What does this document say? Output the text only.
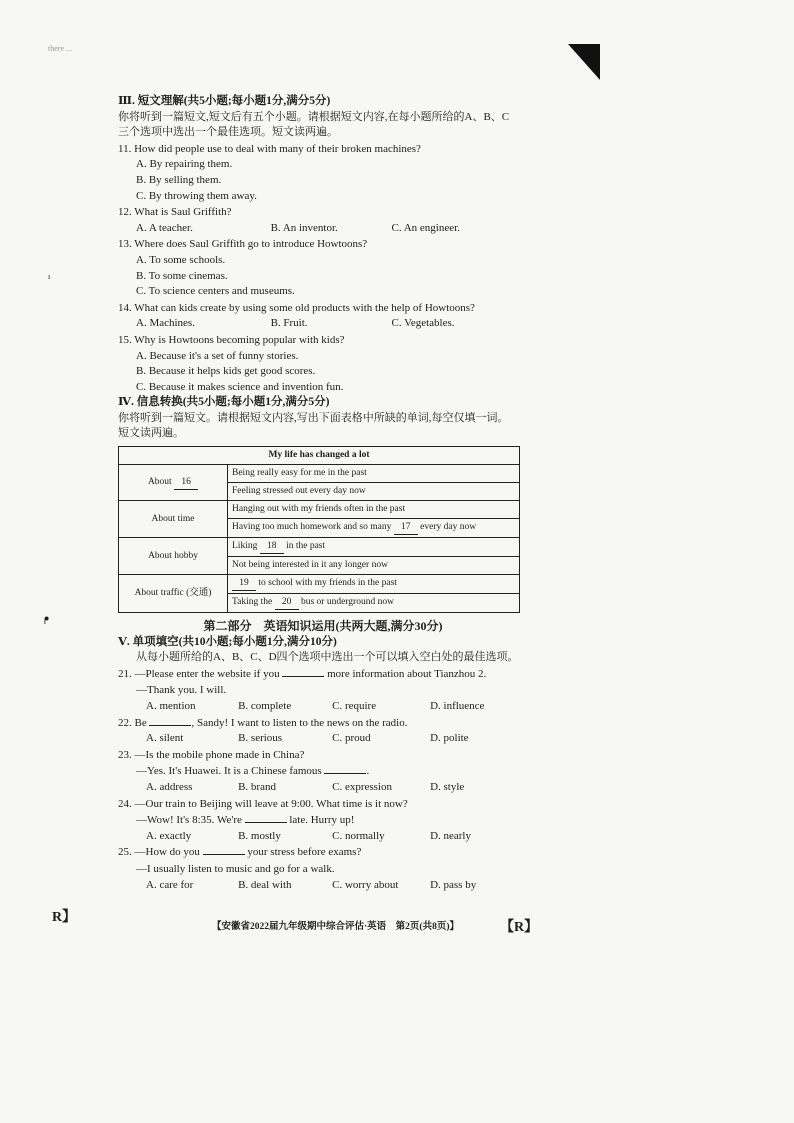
there ...
ı
ᖰ
Ⅲ. 短文理解(共5小题;每小题1分,满分5分)
你将听到一篇短文,短文后有五个小题。请根据短文内容,在每小题所给的A、B、C
三个选项中选出一个最佳选项。短文读两遍。
11. How did people use to deal with many of their broken machines?
A. By repairing them.
B. By selling them.
C. By throwing them away.
12. What is Saul Griffith?
A. A teacher.	B. An inventor.	C. An engineer.
13. Where does Saul Griffith go to introduce Howtoons?
A. To some schools.
B. To some cinemas.
C. To science centers and museums.
14. What can kids create by using some old products with the help of Howtoons?
A. Machines.	B. Fruit.	C. Vegetables.
15. Why is Howtoons becoming popular with kids?
A. Because it's a set of funny stories.
B. Because it helps kids get good scores.
C. Because it makes science and invention fun.
Ⅳ. 信息转换(共5小题;每小题1分,满分5分)
你将听到一篇短文。请根据短文内容,写出下面表格中所缺的单词,每空仅填一词。
短文读两遍。
My life has changed a lot	
About 16	Being really easy for me in the past
	Feeling stressed out every day now
About time	Hanging out with my friends often in the past
	Having too much homework and so many 17 every day now
About hobby	Liking 18 in the past
	Not being interested in it any longer now
About traffic (交通)	19 to school with my friends in the past
	Taking the 20 bus or underground now
第二部分　英语知识运用(共两大题,满分30分)
Ⅴ. 单项填空(共10小题;每小题1分,满分10分)
从每小题所给的A、B、C、D四个选项中选出一个可以填入空白处的最佳选项。
21. —Please enter the website if you	more information about Tianzhou 2.
—Thank you. I will.
A. mention	B. complete	C. require	D. influence
22. Be	, Sandy! I want to listen to the news on the radio.
A. silent	B. serious	C. proud	D. polite
23. —Is the mobile phone made in China?
—Yes. It's Huawei. It is a Chinese famous	.
A. address	B. brand	C. expression	D. style
24. —Our train to Beijing will leave at 9:00. What time is it now?
—Wow! It's 8:35. We're	late. Hurry up!
A. exactly	B. mostly	C. normally	D. nearly
25. —How do you	your stress before exams?
—I usually listen to music and go for a walk.
A. care for	B. deal with	C. worry about	D. pass by
R】
【安徽省2022届九年级期中综合评估·英语　第2页(共8页)】	【R】
